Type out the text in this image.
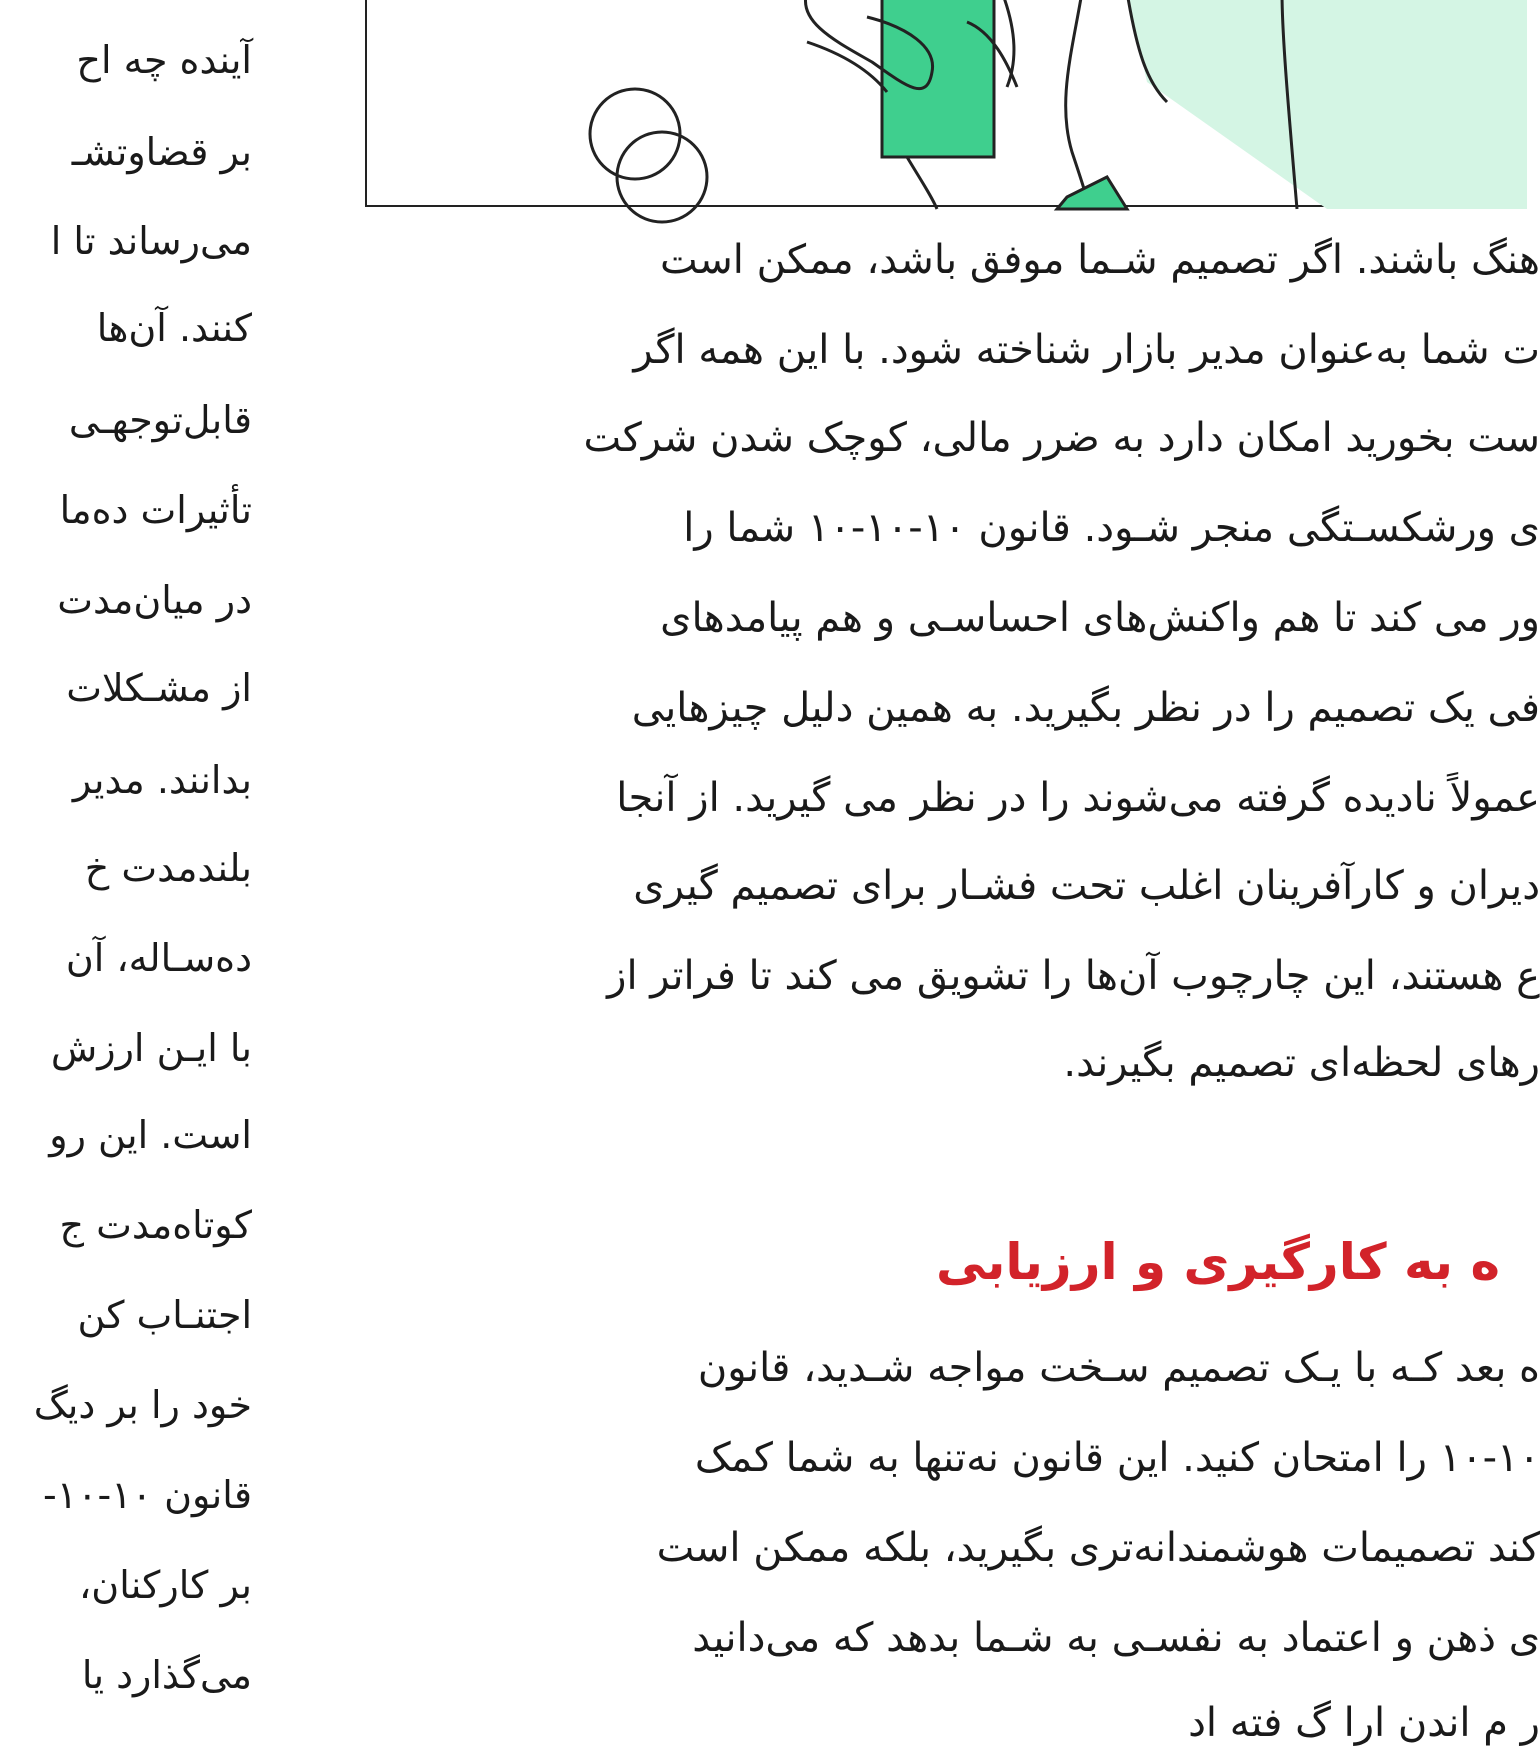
آینده چه اح
بر قضاوتشـ
می‌رساند تا ا
کنند. آن‌ها
قابل‌توجهـی
تأثیرات ده‌ما
در میان‌مدت
از مشـکلات
بدانند. مدیر
بلندمدت خ
ده‌سـاله، آن
با ایـن ارزش
است. این رو
کوتاه‌مدت ج
اجتنـاب کن
خود را بر دیگ
قانون ۱۰-۱۰-
بر کارکنان،
می‌گذارد یا
هنگ باشند. اگر تصمیم شـما موفق باشد، ممکن است
ت شما به‌عنوان مدیر بازار شناخته شود. با این همه اگر
ست بخورید امکان دارد به ضرر مالی، کوچک شدن شرکت
ی ورشکسـتگی منجر شـود. قانون ۱۰-۱۰-۱۰ شما را
ور می کند تا هم واکنش‌های احساسـی و هم پیامدهای
فی یک تصمیم را در نظر بگیرید. به همین دلیل چیزهایی
عمولاً نادیده گرفته می‌شوند را در نظر می گیرید. از آنجا
دیران و کارآفرینان اغلب تحت فشـار برای تصمیم گیری
ع هستند، این چارچوب آن‌ها را تشویق می کند تا فراتر از
رهای لحظه‌ای تصمیم بگیرند.
ه به کارگیری و ارزیابی
ه بعد کـه با یـک تصمیم سـخت مواجه شـدید، قانون
۱۰-۱۰ را امتحان کنید. این قانون نه‌تنها به شما کمک
کند تصمیمات هوشمندانه‌تری بگیرید، بلکه ممکن است
ی ذهن و اعتماد به نفسـی به شـما بدهد که می‌دانید
ر م اندن ارا گ فته اد
